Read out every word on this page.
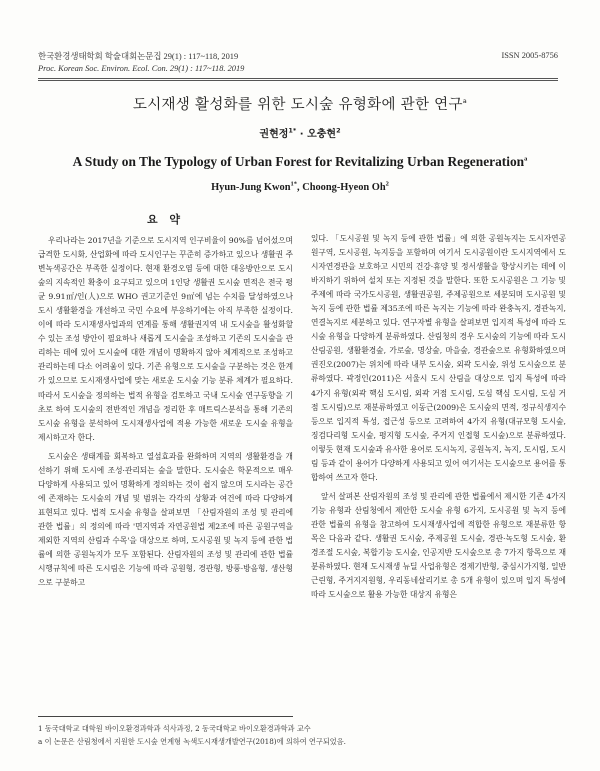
한국환경생태학회 학술대회논문집 29(1) : 117~118, 2019
Proc. Korean Soc. Environ. Ecol. Con. 29(1) : 117~118. 2019
ISSN 2005-8756
도시재생 활성화를 위한 도시숲 유형화에 관한 연구$^a$
권현정$^{1*}$ · 오충현$^2$
A Study on The Typology of Urban Forest for Revitalizing Urban Regeneration$^a$
Hyun-Jung Kwon$^{1*}$, Choong-Hyeon Oh$^2$
요 약

우리나라는 2017년을 기준으로 도시지역 인구비율이 90%를 넘어섰으며 급격한 도시화, 산업화에 따라 도시인구는 꾸준히 증가하고 있으나 생활권 주변녹색공간은 부족한 실정이다. 현재 환경오염 등에 대한 대응방안으로 도시숲의 지속적인 확충이 요구되고 있으며 1인당 생활권 도시숲 면적은 전국 평균 9.91㎡/인(人)으로 WHO 권고기준인 9㎡에 넘는 수치를 달성하였으나 도시 생활환경을 개선하고 국민 수요에 부응하기에는 아직 부족한 실정이다. 이에 따라 도시재생사업과의 연계를 통해 생활권지역 내 도시숲을 활성화할 수 있는 조성 방안이 필요하나 새롭게 도시숲을 조성하고 기존의 도시숲을 관리하는 데에 있어 도시숲에 대한 개념이 명확하지 않아 체계적으로 조성하고 관리하는데 다소 어려움이 있다. 기존 유형으로 도시숲을 구분하는 것은 한계가 있으므로 도시재생사업에 맞는 새로운 도시숲 기능 분류 체계가 필요하다. 따라서 도시숲을 정의하는 법적 유형을 검토하고 국내 도시숲 연구동향을 기초로 하여 도시숲의 전반적인 개념을 정리한 후 매트릭스분석을 통해 기존의 도시숲 유형을 분석하여 도시재생사업에 적용 가능한 새로운 도시숲 유형을 제시하고자 한다.

도시숲은 생태계를 회복하고 열섬효과를 완화하며 지역의 생활환경을 개선하기 위해 도시에 조성·관리되는 숲을 말한다. 도시숲은 학문적으로 매우 다양하게 사용되고 있어 명확하게 정의하는 것이 쉽지 않으며 도시라는 공간에 존재하는 도시숲의 개념 및 범위는 각각의 상황과 여건에 따라 다양하게 표현되고 있다. 법적 도시숲 유형을 살펴보면 「산림자원의 조성 및 관리에 관한 법률」의 정의에 따라 '면지역과 자연공원법 제2조에 따른 공원구역을 제외한 지역의 산림과 수목'을 대상으로 하며, 도시공원 및 녹지 등에 관한 법률에 의한 공원녹지가 모두 포함된다. 산림자원의 조성 및 관리에 관한 법률 시행규칙에 따른 도시림은 기능에 따라 공원형, 경관형, 방풍·방음형, 생산형으로 구분하고

있다. 「도시공원 및 녹지 등에 관한 법률」에 의한 공원녹지는 도시자연공원구역, 도시공원, 녹지등을 포함하며 여기서 도시공원이란 도시지역에서 도시자연경관을 보호하고 시민의 건강·휴양 및 정서생활을 향상시키는 데에 이바지하기 위하여 설치 또는 지정된 것을 말한다. 또한 도시공원은 그 기능 및 주제에 따라 국가도시공원, 생활권공원, 주제공원으로 세분되며 도시공원 및 녹지 등에 관한 법률 제35조에 따른 녹지는 기능에 따라 완충녹지, 경관녹지, 연결녹지로 세분하고 있다. 연구자별 유형을 살펴보면 입지적 특성에 따라 도시숲 유형을 다양하게 분류하였다. 산림청의 경우 도시숲의 기능에 따라 도시산림공원, 생활환경숲, 가로숲, 명상숲, 마을숲, 경관숲으로 유형화하였으며 권진오(2007)는 위치에 따라 내부 도시숲, 외곽 도시숲, 위성 도시숲으로 분류하였다. 곽정인(2011)은 서울시 도시 산림을 대상으로 입지 특성에 따라 4가지 유형(외곽 핵심 도시림, 외곽 거점 도시림, 도심 핵심 도시림, 도심 거점 도시림)으로 재분류하였고 이동근(2009)은 도시숲의 면적, 정규식생지수 등으로 입지적 특성, 접근성 등으로 고려하여 4가지 유형(대규모형 도시숲, 징검다리형 도시숲, 평지형 도시숲, 주거지 인접형 도시숲)으로 분류하였다. 이렇듯 현재 도시숲과 유사한 용어로 도시녹지, 공원녹지, 녹지, 도시림, 도시림 등과 같이 용어가 다양하게 사용되고 있어 여기서는 도시숲으로 용어를 통합하여 쓰고자 한다.

앞서 살펴본 산림자원의 조성 및 관리에 관한 법률에서 제시한 기존 4가지 기능 유형과 산림청에서 제안한 도시숲 유형 6가지, 도시공원 및 녹지 등에 관한 법률의 유형을 참고하여 도시재생사업에 적합한 유형으로 재분류한 항목은 다음과 같다. 생활권 도시숲, 주제공원 도시숲, 경관·녹도형 도시숲, 환경조절 도시숲, 복합기능 도시숲, 인공지반 도시숲으로 총 7가지 항목으로 재분류하였다. 현재 도시재생 뉴딜 사업유형은 경제기반형, 중심시가지형, 일반근린형, 주거지지원형, 우리동네살리기로 총 5개 유형이 있으며 입지 특성에 따라 도시숲으로 활용 가능한 대상지 유형은

1 동국대학교 대학원 바이오환경과학과 석사과정, 2 동국대학교 바이오환경과학과 교수
a 이 논문은 산림청에서 지원한 도시숲 연계형 녹색도시재생개발연구(2018)에 의하여 연구되었음.
